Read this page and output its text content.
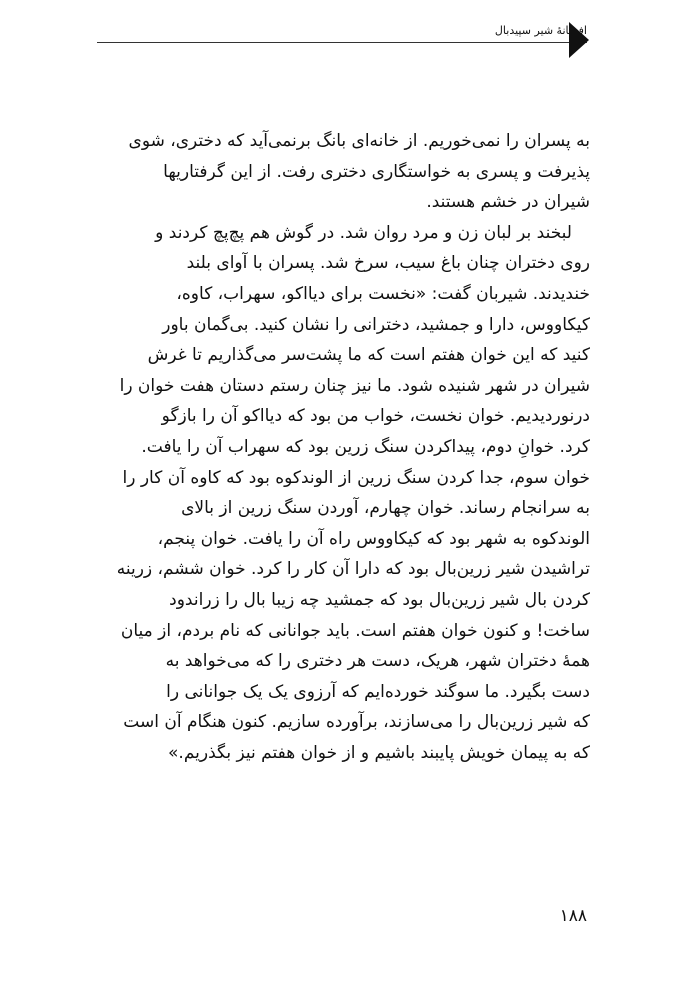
افسانهٔ شیر سپیدبال
به پسران را نمی‌خوریم. از خانه‌ای بانگ برنمی‌آید که دختری، شوی
پذیرفت و پسری به خواستگاری دختری رفت. از این گرفتاریها
شیران در خشم هستند.
لبخند بر لبان زن و مرد روان شد. در گوش هم پچ‌پچ کردند و
روی دختران چنان باغ سیب، سرخ شد. پسران با آوای بلند
خندیدند. شیربان گفت: «نخست برای دیااکو، سهراب، کاوه،
کیکاووس، دارا و جمشید، دخترانی را نشان کنید. بی‌گمان باور
کنید که این خوان هفتم است که ما پشت‌سر می‌گذاریم تا غرش
شیران در شهر شنیده شود. ما نیز چنان رستم دستان هفت خوان را
درنوردیدیم. خوان نخست، خواب من بود که دیااکو آن را بازگو
کرد. خوانِ دوم، پیداکردن سنگ زرین بود که سهراب آن را یافت.
خوان سوم، جدا کردن سنگ زرین از الوندکوه بود که کاوه آن کار را
به سرانجام رساند. خوان چهارم، آوردن سنگ زرین از بالای
الوندکوه به شهر بود که کیکاووس راه آن را یافت. خوان پنجم،
تراشیدن شیر زرین‌بال بود که دارا آن کار را کرد. خوان ششم، زرینه
کردن بال شیر زرین‌بال بود که جمشید چه زیبا بال را زراندود
ساخت! و کنون خوان هفتم است. باید جوانانی که نام بردم، از میان
همهٔ دختران شهر، هریک، دست هر دختری را که می‌خواهد به
دست بگیرد. ما سوگند خورده‌ایم که آرزوی یک یک جوانانی را
که شیر زرین‌بال را می‌سازند، برآورده سازیم. کنون هنگام آن است
که به پیمان خویش پایبند باشیم و از خوان هفتم نیز بگذریم.»
۱۸۸
